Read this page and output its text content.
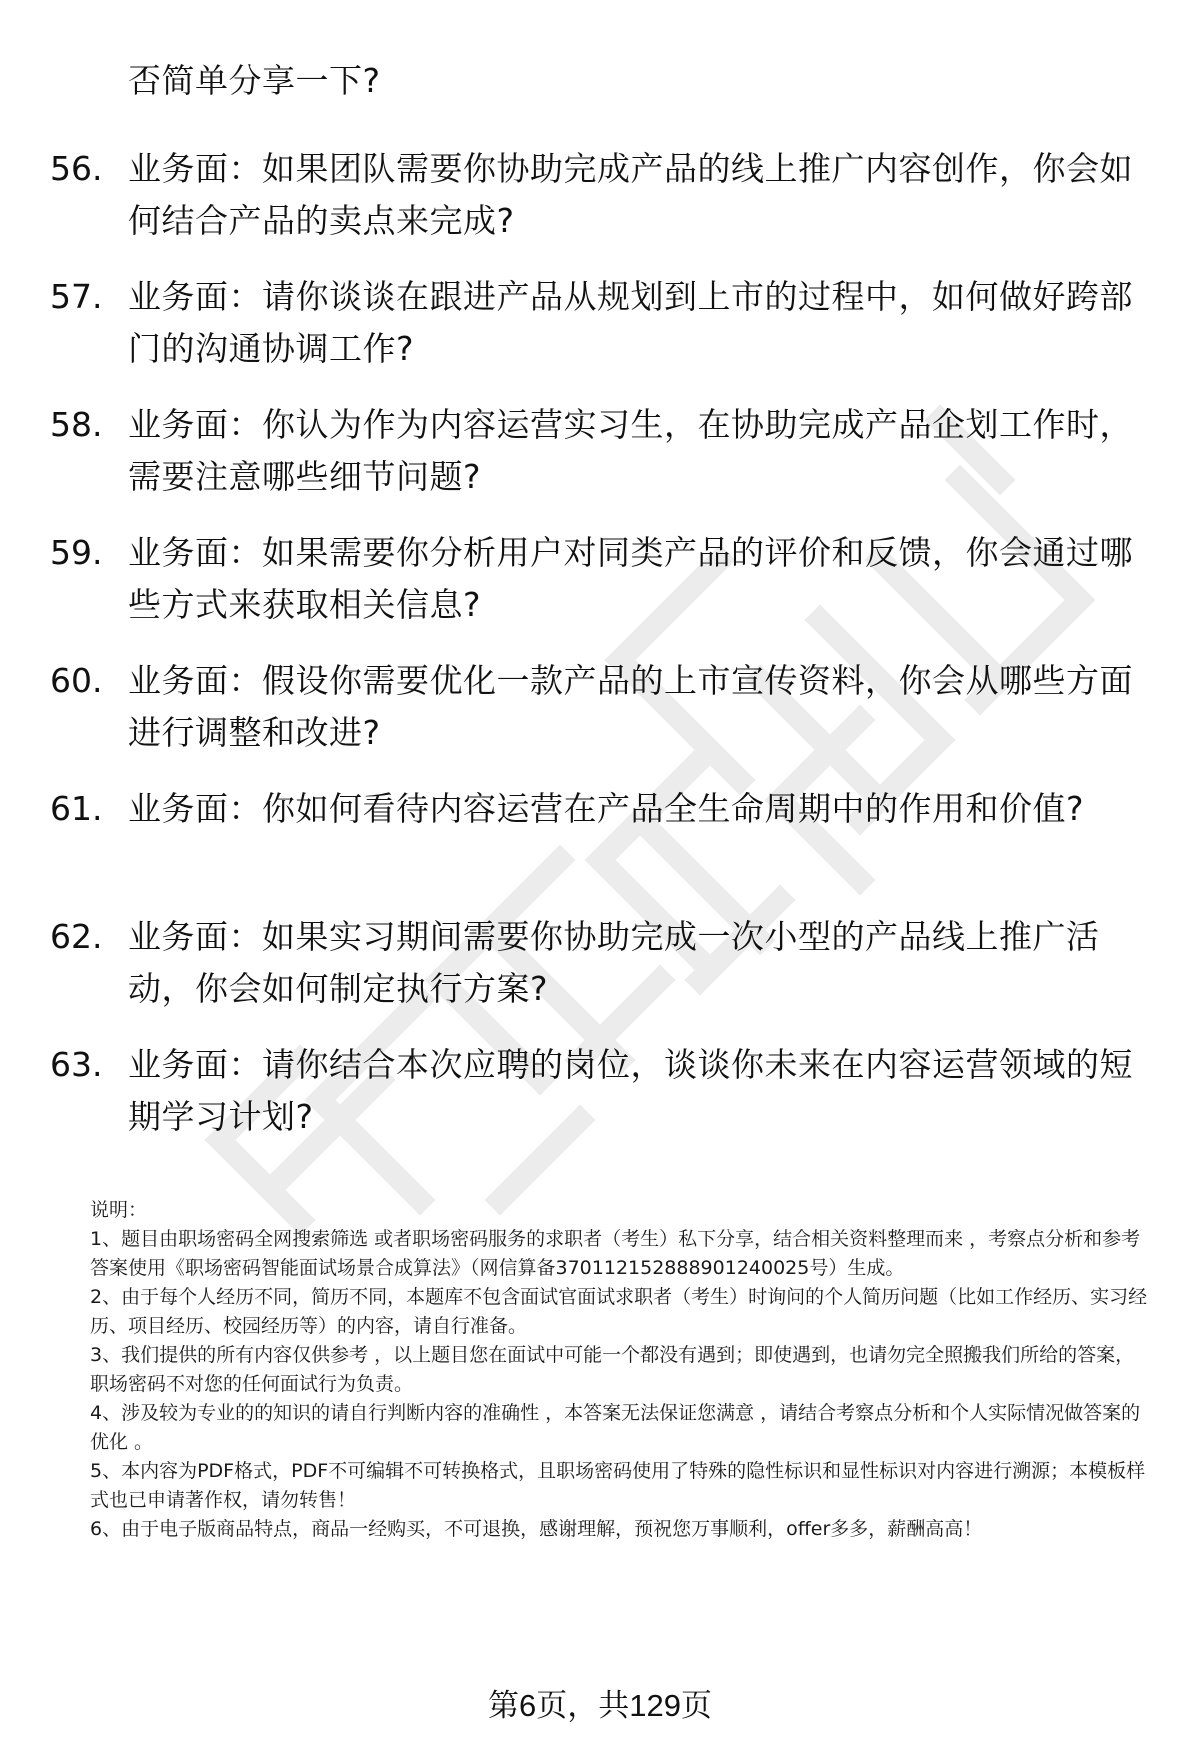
否简单分享一下?
56. 业务面：如果团队需要你协助完成产品的线上推广内容创作，你会如何结合产品的卖点来完成?
57. 业务面：请你谈谈在跟进产品从规划到上市的过程中，如何做好跨部门的沟通协调工作?
58. 业务面：你认为作为内容运营实习生，在协助完成产品企划工作时，需要注意哪些细节问题?
59. 业务面：如果需要你分析用户对同类产品的评价和反馈，你会通过哪些方式来获取相关信息?
60. 业务面：假设你需要优化一款产品的上市宣传资料，你会从哪些方面进行调整和改进?
61. 业务面：你如何看待内容运营在产品全生命周期中的作用和价值?
62. 业务面：如果实习期间需要你协助完成一次小型的产品线上推广活动，你会如何制定执行方案?
63. 业务面：请你结合本次应聘的岗位，谈谈你未来在内容运营领域的短期学习计划?

说明：

1、题目由职场密码全网搜索筛选 或者职场密码服务的求职者（考生）私下分享，结合相关资料整理而来 ，考察点分析和参考答案使用《职场密码智能面试场景合成算法》（网信算备370112152888901240025号）生成。

2、由于每个人经历不同，简历不同，本题库不包含面试官面试求职者（考生）时询问的个人简历问题（比如工作经历、实习经历、项目经历、校园经历等）的内容，请自行准备。

3、我们提供的所有内容仅供参考 ，以上题目您在面试中可能一个都没有遇到；即使遇到，也请勿完全照搬我们所给的答案，职场密码不对您的任何面试行为负责。

4、涉及较为专业的的知识的请自行判断内容的准确性 ，本答案无法保证您满意 ，请结合考察点分析和个人实际情况做答案的优化 。

5、本内容为PDF格式，PDF不可编辑不可转换格式，且职场密码使用了特殊的隐性标识和显性标识对内容进行溯源；本模板样式也已申请著作权，请勿转售！

6、由于电子版商品特点，商品一经购买，不可退换，感谢理解，预祝您万事顺利，offer多多，薪酬高高！

第6页，共129页
